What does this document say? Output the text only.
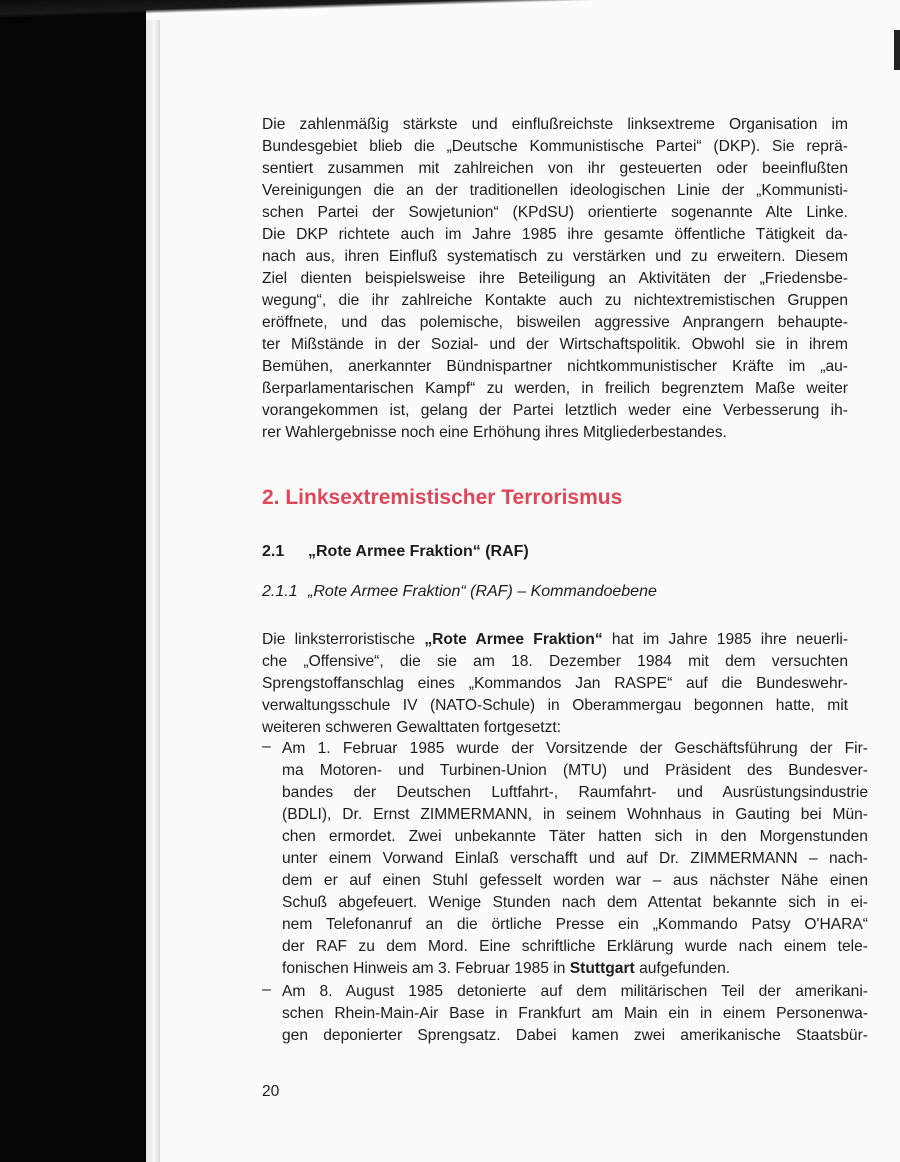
Die zahlenmäßig stärkste und einflußreichste linksextreme Organisation im
Bundesgebiet blieb die „Deutsche Kommunistische Partei“ (DKP). Sie reprä-
sentiert zusammen mit zahlreichen von ihr gesteuerten oder beeinflußten
Vereinigungen die an der traditionellen ideologischen Linie der „Kommunisti-
schen Partei der Sowjetunion“ (KPdSU) orientierte sogenannte Alte Linke.
Die DKP richtete auch im Jahre 1985 ihre gesamte öffentliche Tätigkeit da-
nach aus, ihren Einfluß systematisch zu verstärken und zu erweitern. Diesem
Ziel dienten beispielsweise ihre Beteiligung an Aktivitäten der „Friedensbe-
wegung“, die ihr zahlreiche Kontakte auch zu nichtextremistischen Gruppen
eröffnete, und das polemische, bisweilen aggressive Anprangern behaupte-
ter Mißstände in der Sozial- und der Wirtschaftspolitik. Obwohl sie in ihrem
Bemühen, anerkannter Bündnispartner nichtkommunistischer Kräfte im „au-
ßerparlamentarischen Kampf“ zu werden, in freilich begrenztem Maße weiter
vorangekommen ist, gelang der Partei letztlich weder eine Verbesserung ih-
rer Wahlergebnisse noch eine Erhöhung ihres Mitgliederbestandes.
2. Linksextremistischer Terrorismus
2.1 „Rote Armee Fraktion“ (RAF)
2.1.1 „Rote Armee Fraktion“ (RAF) – Kommandoebene
Die linksterroristische „Rote Armee Fraktion“ hat im Jahre 1985 ihre neuerli-
che „Offensive“, die sie am 18. Dezember 1984 mit dem versuchten
Sprengstoffanschlag eines „Kommandos Jan RASPE“ auf die Bundeswehr-
verwaltungsschule IV (NATO-Schule) in Oberammergau begonnen hatte, mit
weiteren schweren Gewalttaten fortgesetzt:
– Am 1. Februar 1985 wurde der Vorsitzende der Geschäftsführung der Fir-
ma Motoren- und Turbinen-Union (MTU) und Präsident des Bundesver-
bandes der Deutschen Luftfahrt-, Raumfahrt- und Ausrüstungsindustrie
(BDLI), Dr. Ernst ZIMMERMANN, in seinem Wohnhaus in Gauting bei Mün-
chen ermordet. Zwei unbekannte Täter hatten sich in den Morgenstunden
unter einem Vorwand Einlaß verschafft und auf Dr. ZIMMERMANN – nach-
dem er auf einen Stuhl gefesselt worden war – aus nächster Nähe einen
Schuß abgefeuert. Wenige Stunden nach dem Attentat bekannte sich in ei-
nem Telefonanruf an die örtliche Presse ein „Kommando Patsy O'HARA“
der RAF zu dem Mord. Eine schriftliche Erklärung wurde nach einem tele-
fonischen Hinweis am 3. Februar 1985 in Stuttgart aufgefunden.
– Am 8. August 1985 detonierte auf dem militärischen Teil der amerikani-
schen Rhein-Main-Air Base in Frankfurt am Main ein in einem Personenwa-
gen deponierter Sprengsatz. Dabei kamen zwei amerikanische Staatsbür-
20
